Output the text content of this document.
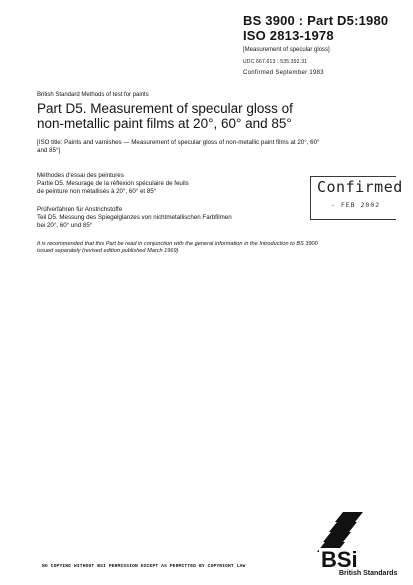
BS 3900 : Part D5:1980
ISO 2813-1978
[Measurement of specular gloss]
UDC 667.613 : 535.392.31
Confirmed September 1983
British Standard Methods of test for paints
Part D5. Measurement of specular gloss of
non-metallic paint films at 20°, 60° and 85°
[ISO title: Paints and varnishes — Measurement of specular gloss of non-metallic paint films at 20°, 60°
and 85°]
Méthodes d'essai des peintures
Partie D5. Mesurage de la réflexion spéculaire de feuils
de peinture non métallisés à 20°, 60° et 85°
Prüfverfahren für Anstrichstoffe
Teil D5. Messung des Spiegelglanzes von nichtmetallischen Farbfilmen
bei 20°, 60° und 85°
Confirmed
- FEB 2002
It is recommended that this Part be read in conjunction with the general information in the Introduction to BS 3900
issued separately (revised edition published March 1969)
BSi
British Standards
NO COPYING WITHOUT BSI PERMISSION EXCEPT AS PERMITTED BY COPYRIGHT LAW
